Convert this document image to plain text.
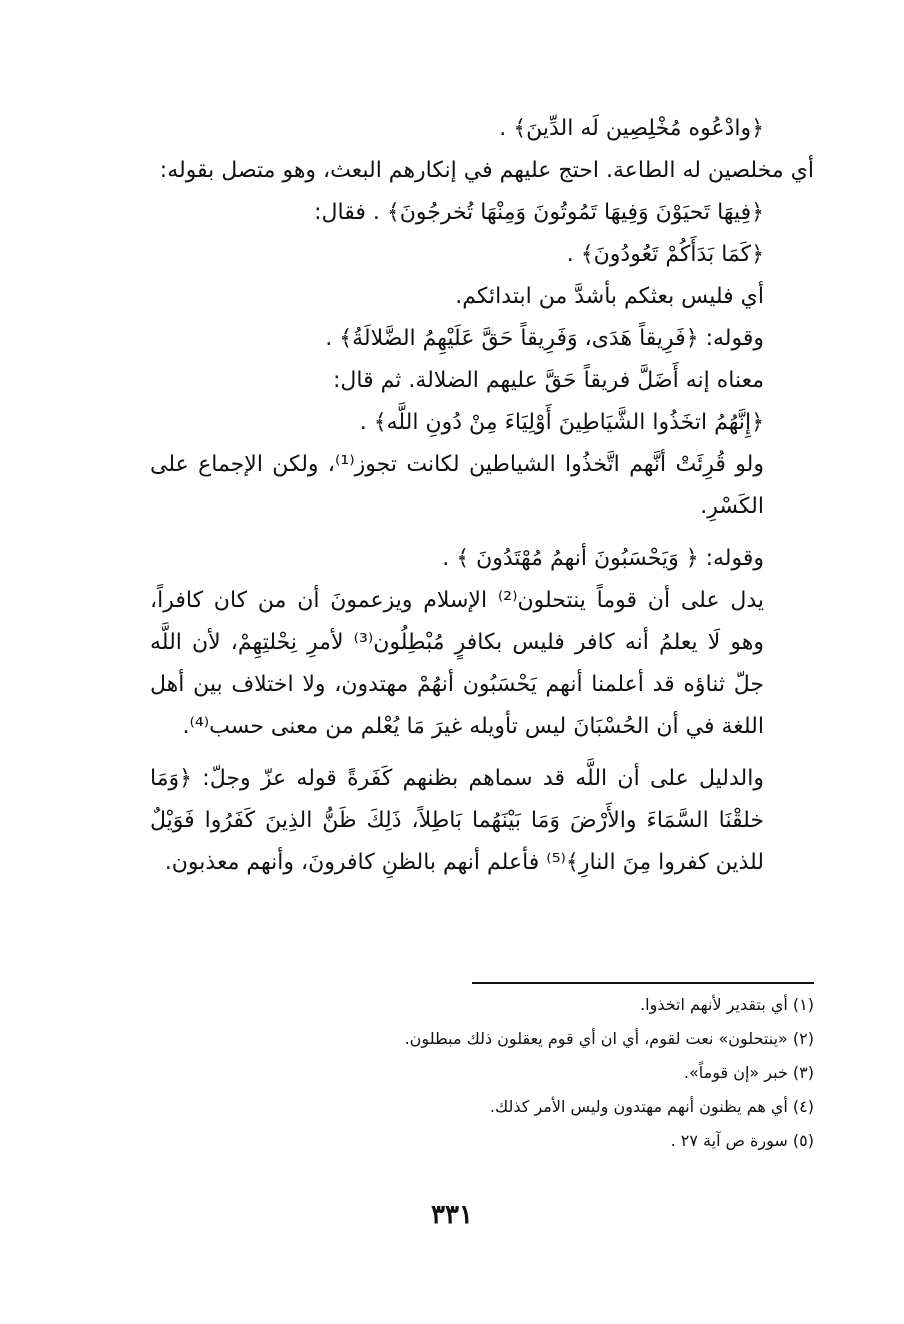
﴿وادْعُوه مُخْلِصِين لَه الدِّينَ﴾ .

أي مخلصين له الطاعة. احتج عليهم في إنكارهم البعث، وهو متصل بقوله:

﴿فِيهَا تَحيَوْنَ وَفِيهَا تَمُوتُونَ وَمِنْهَا تُخرجُونَ﴾ . فقال:

﴿كَمَا بَدَأَكُمْ تَعُودُونَ﴾ .

أي فليس بعثكم بأشدَّ من ابتدائكم.

وقوله: ﴿فَرِيقاً هَدَى، وَفَرِيقاً حَقَّ عَلَيْهِمُ الضَّلالَةُ﴾ .

معناه إنه أَضَلَّ فريقاً حَقَّ عليهم الضلالة. ثم قال:

﴿إِنَّهُمُ اتخَذُوا الشَّيَاطِينَ أَوْلِيَاءَ مِنْ دُونِ اللَّه﴾ .

ولو قُرِئَتْ أنَّهم اتَّخذُوا الشياطين لكانت تجوز⁽¹⁾، ولكن الإجماع على الكَسْرِ.

وقوله: ﴿ وَيَحْسَبُونَ أنهمُ مُهْتَدُونَ ﴾ .

يدل على أن قوماً ينتحلون⁽²⁾ الإسلام ويزعمونَ أن من كان كافراً، وهو لَا يعلمُ أنه كافر فليس بكافرٍ مُبْطِلُون⁽³⁾ لأمرِ نِحْلتِهِمْ، لأن اللَّه جلّ ثناؤه قد أعلمنا أنهم يَحْسَبُون أنهُمْ مهتدون، ولا اختلاف بين أهل اللغة في أن الحُسْبَانَ ليس تأويله غيرَ مَا يُعْلم من معنى حسب⁽⁴⁾.

والدليل على أن اللَّه قد سماهم بظنهم كَفَرةً قوله عزّ وجلّ: ﴿وَمَا خلقْنَا السَّمَاءَ والأَرْضَ وَمَا بَيْنَهُما بَاطِلاً، ذَلِكَ ظَنُّ الذِينَ كَفَرُوا فَوَيْلٌ للذين كفروا مِنَ النارِ﴾⁽⁵⁾ فأعلم أنهم بالظنِ كافرونَ، وأنهم معذبون.

(١) أي بتقدير لأنهم اتخذوا.

(٢) «ينتحلون» نعت لقوم، أي ان أي قوم يعقلون ذلك مبطلون.

(٣) خبر «إن قوماً».

(٤) أي هم يظنون أنهم مهتدون وليس الأمر كذلك.

(٥) سورة ص آية ٢٧ .

٣٣١
